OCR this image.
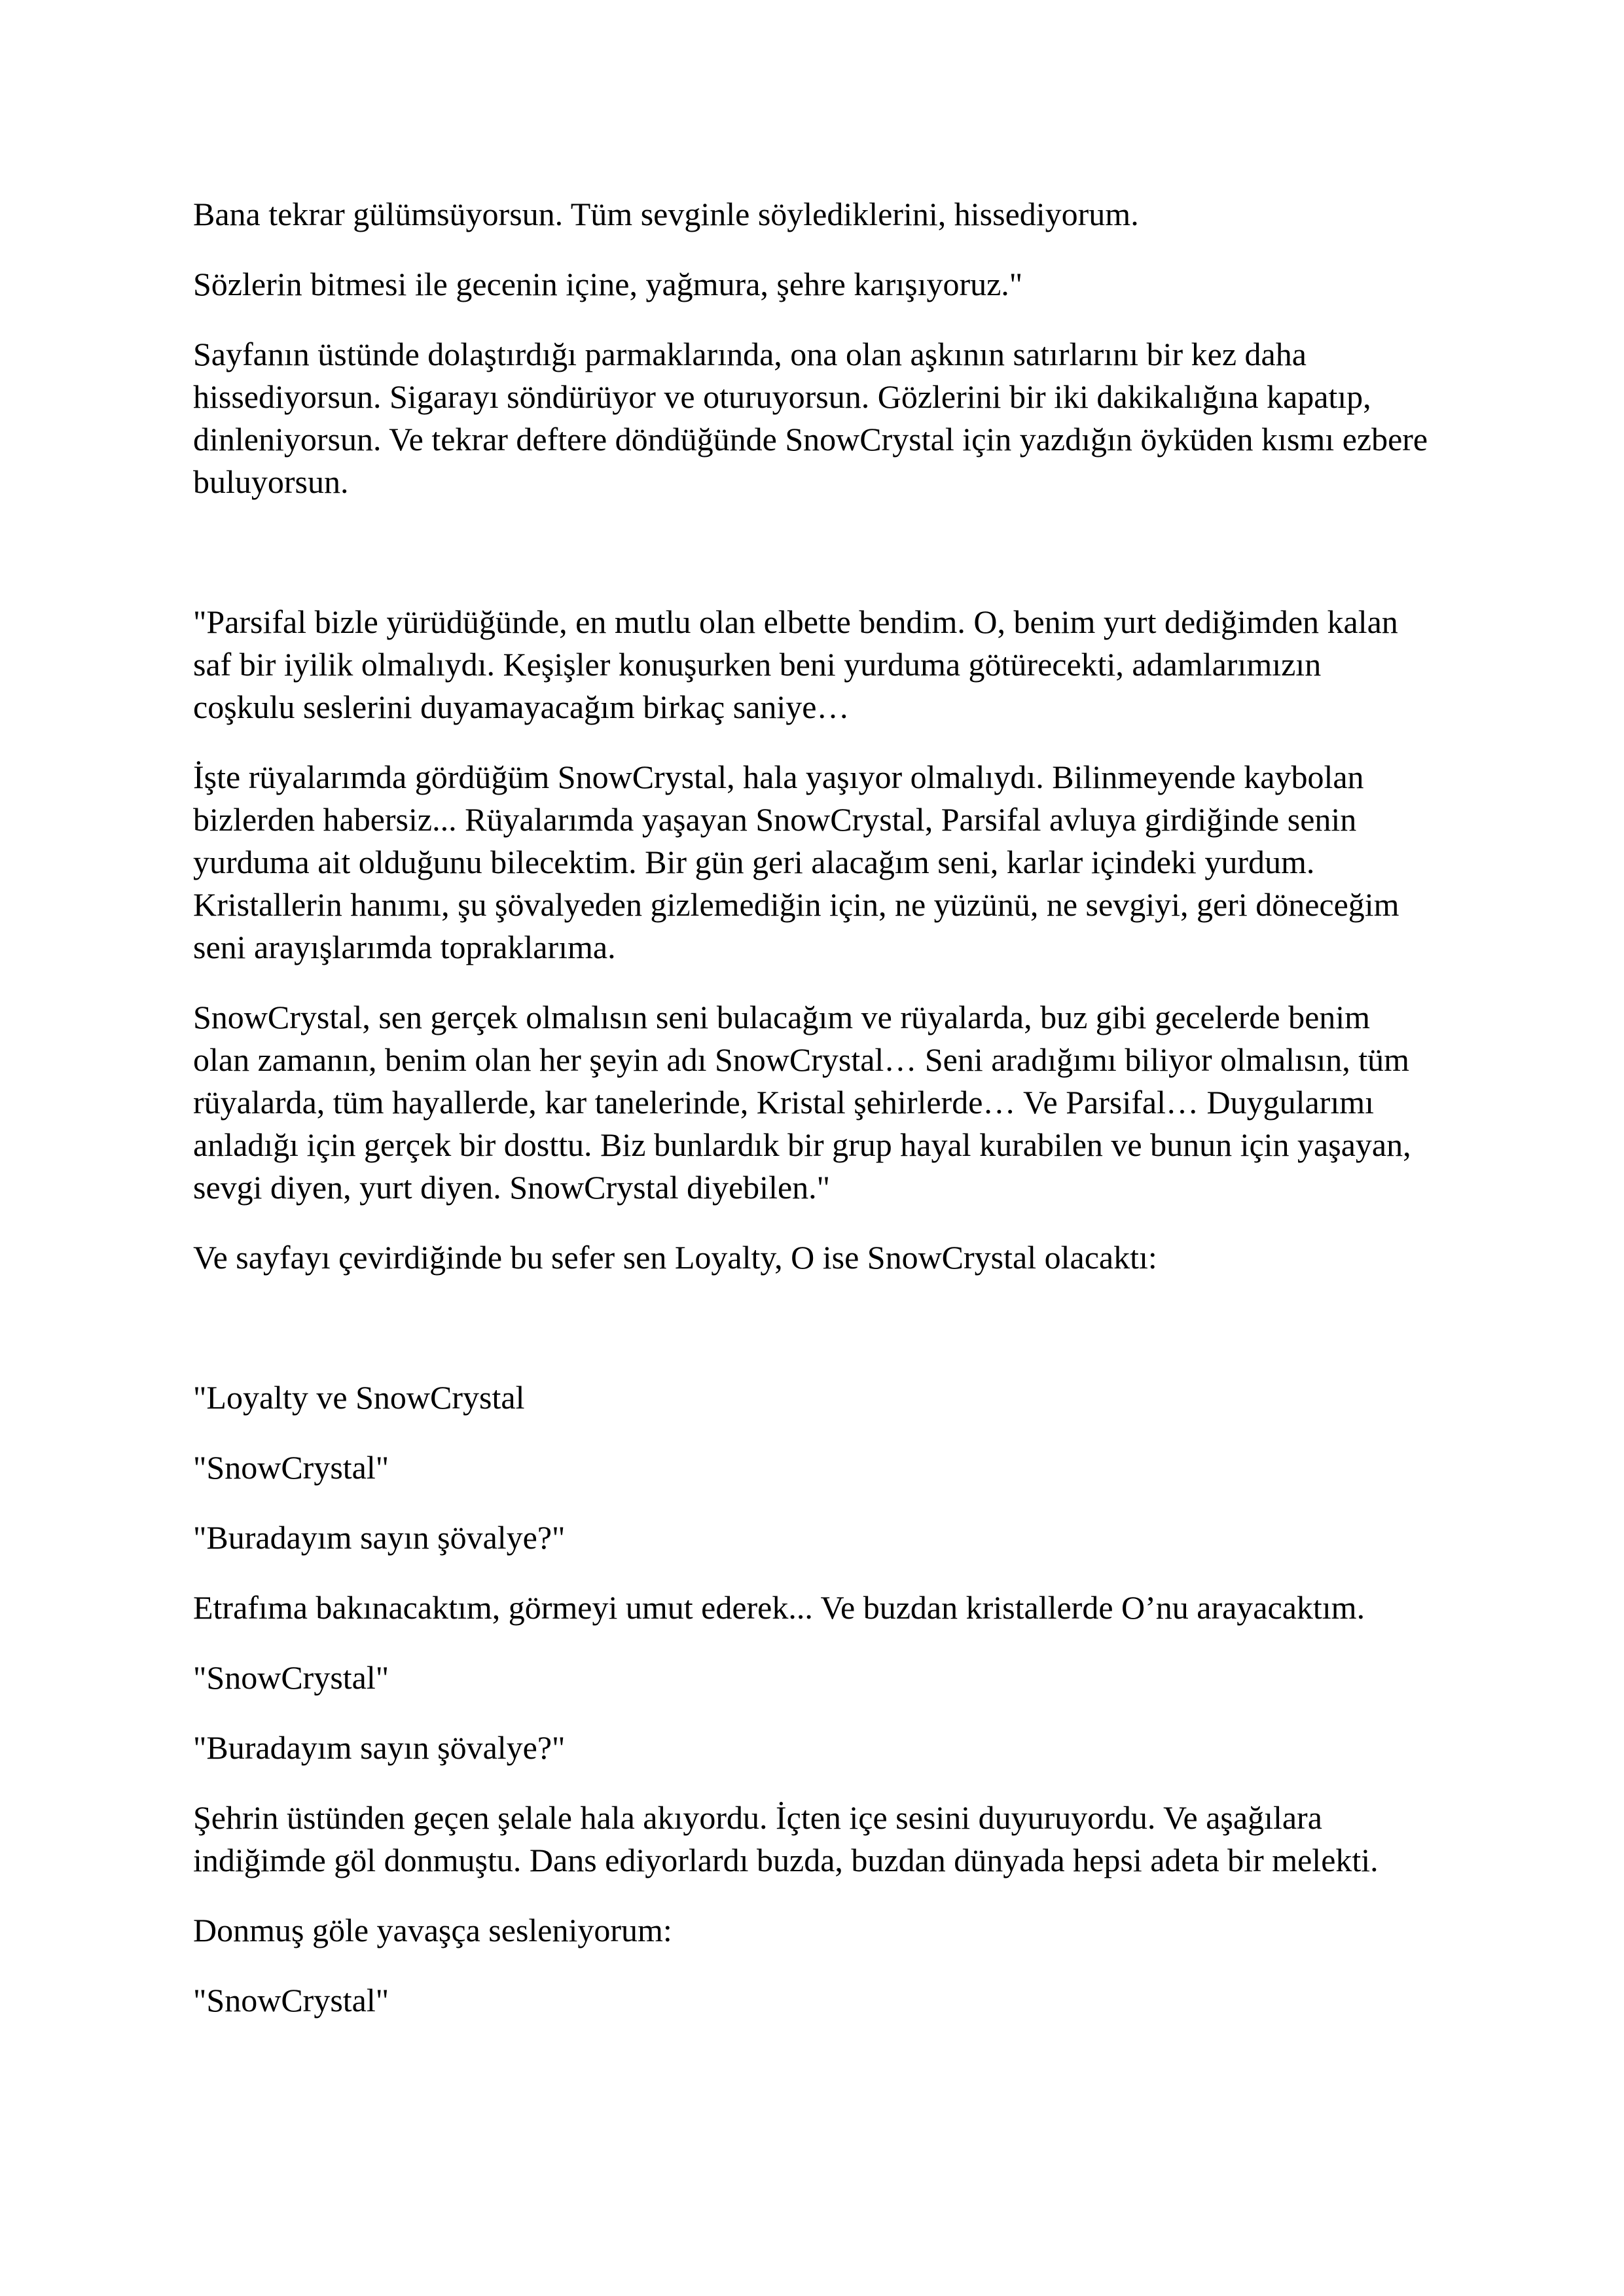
Bana tekrar gülümsüyorsun. Tüm sevginle söylediklerini, hissediyorum.

Sözlerin bitmesi ile gecenin içine, yağmura, şehre karışıyoruz."

Sayfanın üstünde dolaştırdığı parmaklarında, ona olan aşkının satırlarını bir kez daha hissediyorsun. Sigarayı söndürüyor ve oturuyorsun. Gözlerini bir iki dakikalığına kapatıp, dinleniyorsun. Ve tekrar deftere döndüğünde SnowCrystal için yazdığın öyküden kısmı ezbere buluyorsun.

"Parsifal bizle yürüdüğünde, en mutlu olan elbette bendim. O, benim yurt dediğimden kalan saf bir iyilik olmalıydı. Keşişler konuşurken beni yurduma götürecekti, adamlarımızın coşkulu seslerini duyamayacağım birkaç saniye…

İşte rüyalarımda gördüğüm SnowCrystal, hala yaşıyor olmalıydı. Bilinmeyende kaybolan bizlerden habersiz... Rüyalarımda yaşayan SnowCrystal, Parsifal avluya girdiğinde senin yurduma ait olduğunu bilecektim. Bir gün geri alacağım seni, karlar içindeki yurdum. Kristallerin hanımı, şu şövalyeden gizlemediğin için, ne yüzünü, ne sevgiyi, geri döneceğim seni arayışlarımda topraklarıma.

SnowCrystal, sen gerçek olmalısın seni bulacağım ve rüyalarda, buz gibi gecelerde benim olan zamanın, benim olan her şeyin adı SnowCrystal… Seni aradığımı biliyor olmalısın, tüm rüyalarda, tüm hayallerde, kar tanelerinde, Kristal şehirlerde… Ve Parsifal… Duygularımı anladığı için gerçek bir dosttu. Biz bunlardık bir grup hayal kurabilen ve bunun için yaşayan, sevgi diyen, yurt diyen. SnowCrystal diyebilen."

Ve sayfayı çevirdiğinde bu sefer sen Loyalty, O ise SnowCrystal olacaktı:

"Loyalty ve SnowCrystal

"SnowCrystal"

"Buradayım sayın şövalye?"

Etrafıma bakınacaktım, görmeyi umut ederek... Ve buzdan kristallerde O’nu arayacaktım.

"SnowCrystal"

"Buradayım sayın şövalye?"

Şehrin üstünden geçen şelale hala akıyordu. İçten içe sesini duyuruyordu. Ve aşağılara indiğimde göl donmuştu. Dans ediyorlardı buzda, buzdan dünyada hepsi adeta bir melekti.

Donmuş göle yavaşça sesleniyorum:

"SnowCrystal"
